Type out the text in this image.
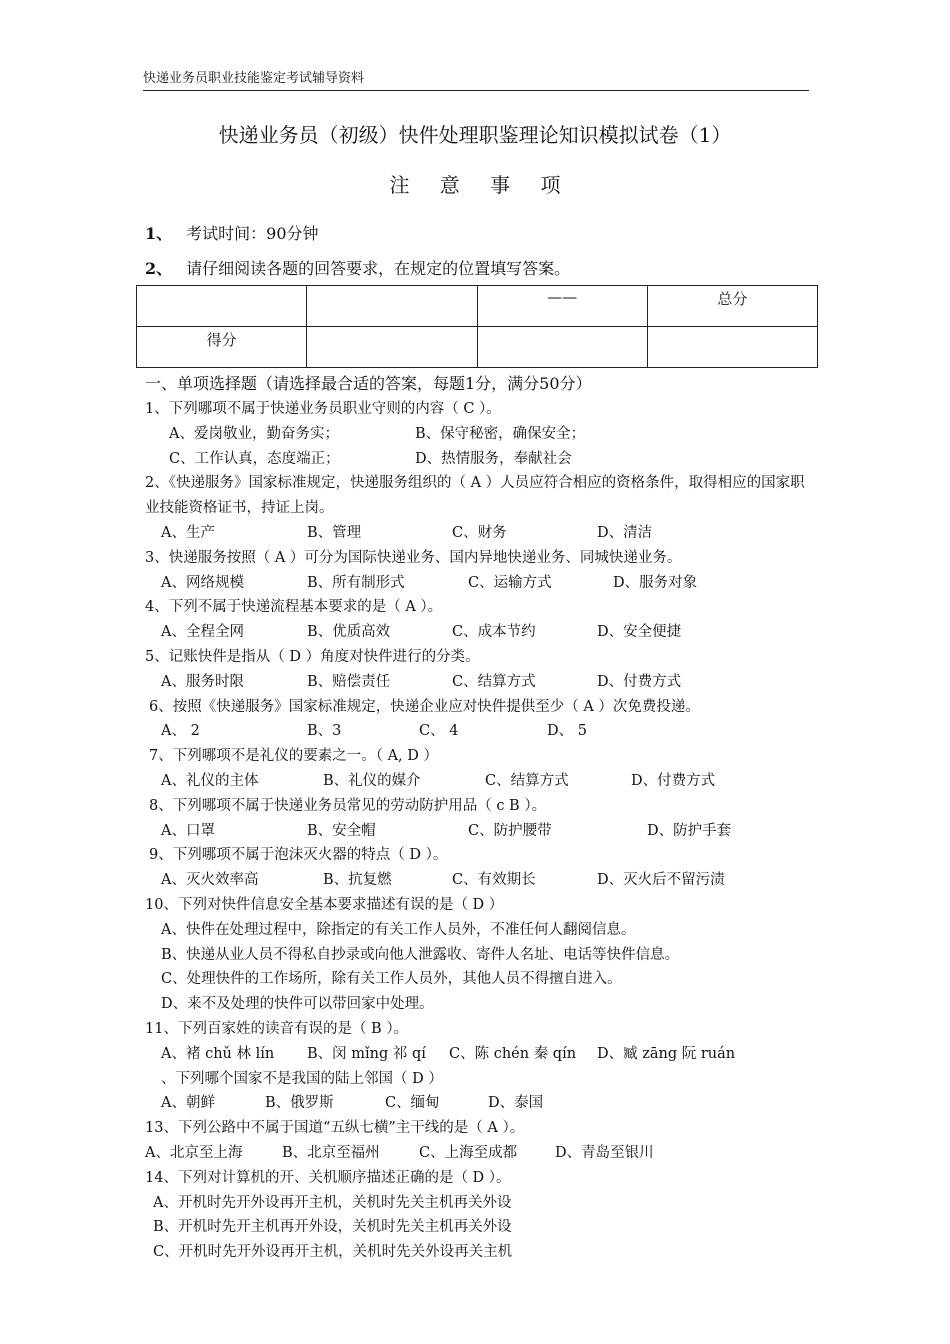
快递业务员职业技能鉴定考试辅导资料
快递业务员（初级）快件处理职鉴理论知识模拟试卷（1）
注 意 事 项
1、 考试时间：90分钟
2、 请仔细阅读各题的回答要求，在规定的位置填写答案。
		——	总分
得分			
一、单项选择题（请选择最合适的答案，每题1分，满分50分）
1、下列哪项不属于快递业务员职业守则的内容（ C ）。
A、爱岗敬业，勤奋务实；	B、保守秘密，确保安全；
C、工作认真，态度端正；	D、热情服务，奉献社会
2、《快递服务》国家标准规定，快递服务组织的（ A ）人员应符合相应的资格条件，取得相应的国家职业技能资格证书，持证上岗。
A、生产	B、管理	C、财务	D、清洁
3、快递服务按照（ A ）可分为国际快递业务、国内异地快递业务、同城快递业务。
A、网络规模	B、所有制形式	C、运输方式	D、服务对象
4、下列不属于快递流程基本要求的是（ A ）。
A、全程全网	B、优质高效	C、成本节约	D、安全便捷
5、记账快件是指从（ D ）角度对快件进行的分类。
A、服务时限	B、赔偿责任	C、结算方式	D、付费方式
6、按照《快递服务》国家标准规定，快递企业应对快件提供至少（ A ）次免费投递。
A、 2	B、3	C、 4	D、 5
7、下列哪项不是礼仪的要素之一。（ A, D ）
A、礼仪的主体	B、礼仪的媒介	C、结算方式	D、付费方式
8、下列哪项不属于快递业务员常见的劳动防护用品（ c B ）。
A、口罩	B、安全帽	C、防护腰带	D、防护手套
9、下列哪项不属于泡沫灭火器的特点（ D ）。
A、灭火效率高	B、抗复燃	C、有效期长	D、灭火后不留污渍
10、下列对快件信息安全基本要求描述有误的是（ D ）
A、快件在处理过程中，除指定的有关工作人员外，不准任何人翻阅信息。
B、快递从业人员不得私自抄录或向他人泄露收、寄件人名址、电话等快件信息。
C、处理快件的工作场所，除有关工作人员外，其他人员不得擅自进入。
D、来不及处理的快件可以带回家中处理。
11、下列百家姓的读音有误的是（ B ）。
A、褚 chǔ 林 lín B、闵 mǐng 祁 qí C、陈 chén 秦 qín D、臧 zāng 阮 ruán
、下列哪个国家不是我国的陆上邻国（ D ）
A、朝鲜	B、俄罗斯	C、缅甸	D、泰国
13、下列公路中不属于国道“五纵七横”主干线的是（ A ）。
A、北京至上海	B、北京至福州	C、上海至成都	D、青岛至银川
14、下列对计算机的开、关机顺序描述正确的是（ D ）。
A、开机时先开外设再开主机，关机时先关主机再关外设
B、开机时先开主机再开外设，关机时先关主机再关外设
C、开机时先开外设再开主机，关机时先关外设再关主机
